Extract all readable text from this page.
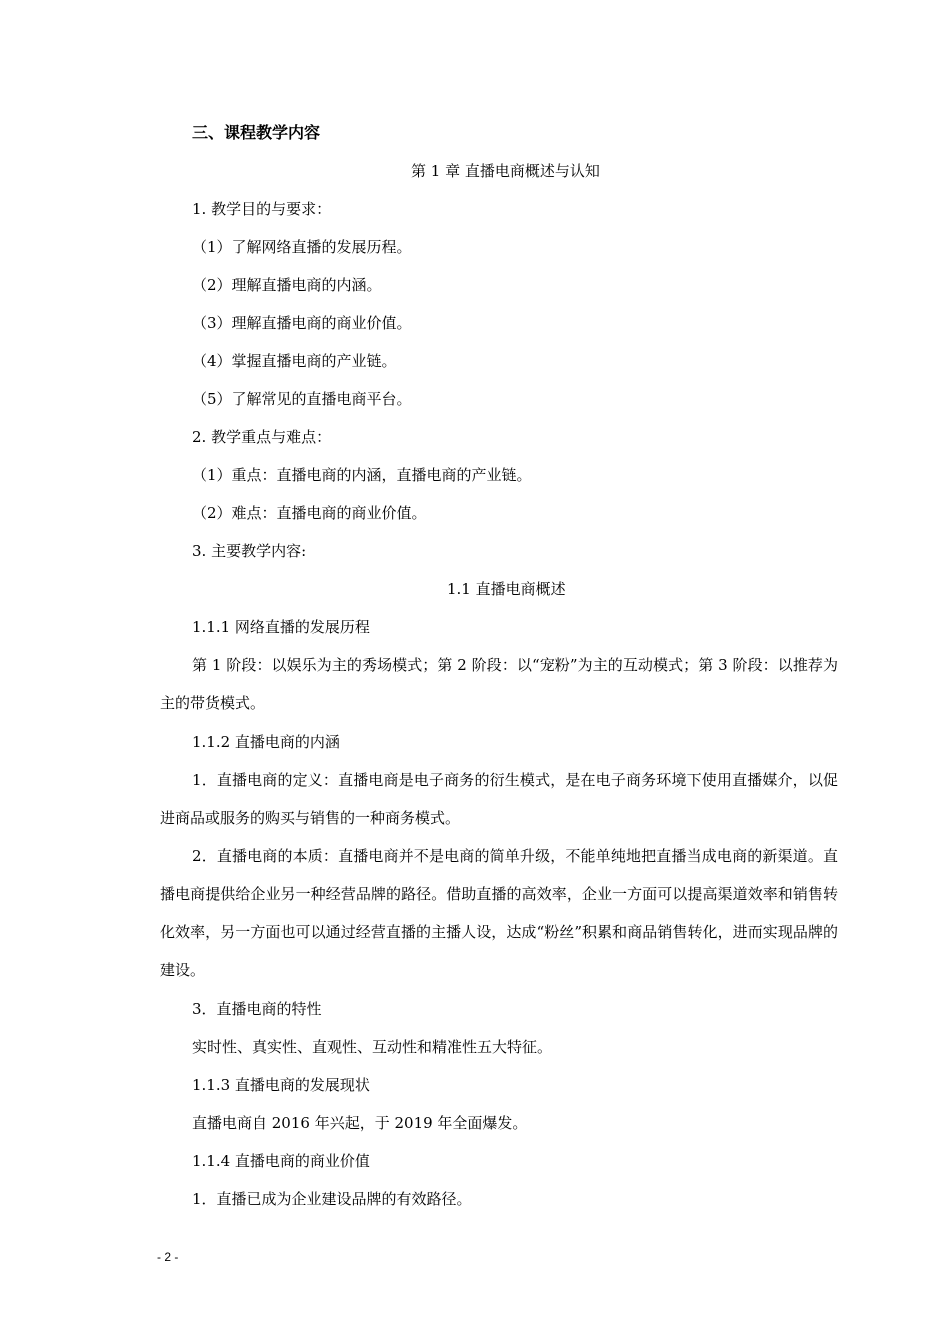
三、课程教学内容
第 1 章 直播电商概述与认知
1. 教学目的与要求：
（1）了解网络直播的发展历程。
（2）理解直播电商的内涵。
（3）理解直播电商的商业价值。
（4）掌握直播电商的产业链。
（5）了解常见的直播电商平台。
2. 教学重点与难点：
（1）重点：直播电商的内涵，直播电商的产业链。
（2）难点：直播电商的商业价值。
3. 主要教学内容:
1.1 直播电商概述
1.1.1 网络直播的发展历程
第 1 阶段：以娱乐为主的秀场模式；第 2 阶段：以“宠粉”为主的互动模式；第 3 阶段：以推荐为主的带货模式。
1.1.2 直播电商的内涵
1．直播电商的定义：直播电商是电子商务的衍生模式，是在电子商务环境下使用直播媒介，以促进商品或服务的购买与销售的一种商务模式。
2．直播电商的本质：直播电商并不是电商的简单升级，不能单纯地把直播当成电商的新渠道。直播电商提供给企业另一种经营品牌的路径。借助直播的高效率，企业一方面可以提高渠道效率和销售转化效率，另一方面也可以通过经营直播的主播人设，达成“粉丝”积累和商品销售转化，进而实现品牌的建设。
3．直播电商的特性
实时性、真实性、直观性、互动性和精准性五大特征。
1.1.3 直播电商的发展现状
直播电商自 2016 年兴起，于 2019 年全面爆发。
1.1.4 直播电商的商业价值
1．直播已成为企业建设品牌的有效路径。
- 2 -
